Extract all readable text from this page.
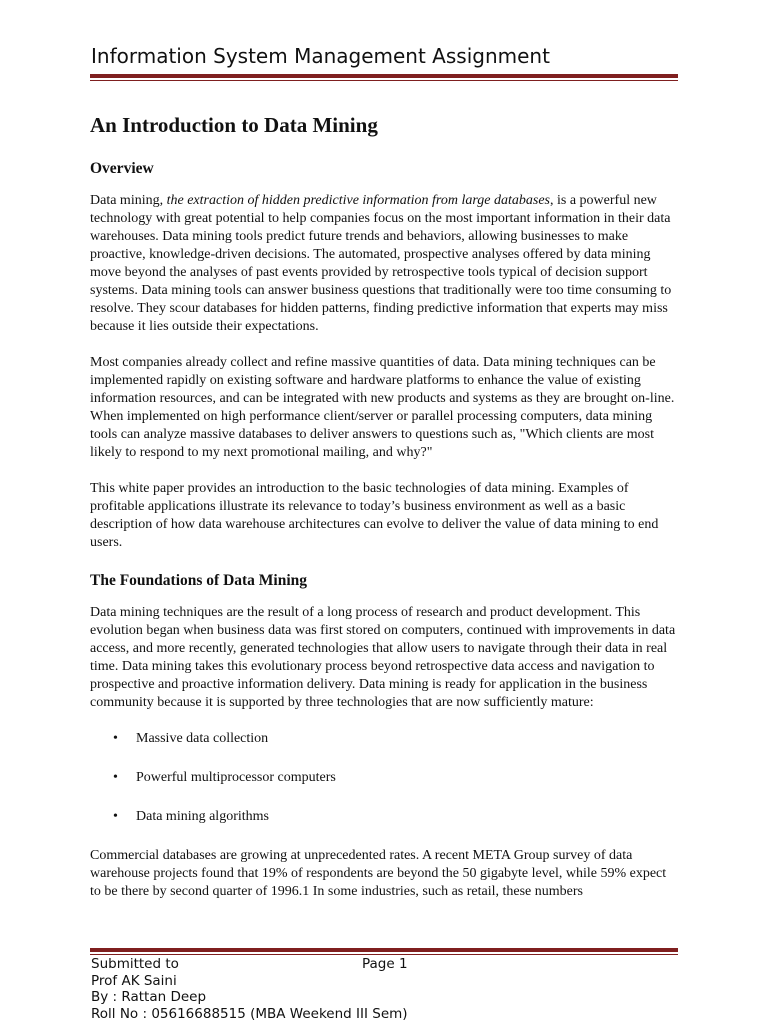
Information System Management Assignment
An Introduction to Data Mining
Overview

Data mining, the extraction of hidden predictive information from large databases, is a powerful new technology with great potential to help companies focus on the most important information in their data warehouses. Data mining tools predict future trends and behaviors, allowing businesses to make proactive, knowledge-driven decisions. The automated, prospective analyses offered by data mining move beyond the analyses of past events provided by retrospective tools typical of decision support systems. Data mining tools can answer business questions that traditionally were too time consuming to resolve. They scour databases for hidden patterns, finding predictive information that experts may miss because it lies outside their expectations.

Most companies already collect and refine massive quantities of data. Data mining techniques can be implemented rapidly on existing software and hardware platforms to enhance the value of existing information resources, and can be integrated with new products and systems as they are brought on-line. When implemented on high performance client/server or parallel processing computers, data mining tools can analyze massive databases to deliver answers to questions such as, "Which clients are most likely to respond to my next promotional mailing, and why?"

This white paper provides an introduction to the basic technologies of data mining. Examples of profitable applications illustrate its relevance to today’s business environment as well as a basic description of how data warehouse architectures can evolve to deliver the value of data mining to end users.

The Foundations of Data Mining

Data mining techniques are the result of a long process of research and product development. This evolution began when business data was first stored on computers, continued with improvements in data access, and more recently, generated technologies that allow users to navigate through their data in real time. Data mining takes this evolutionary process beyond retrospective data access and navigation to prospective and proactive information delivery. Data mining is ready for application in the business community because it is supported by three technologies that are now sufficiently mature:

• Massive data collection
• Powerful multiprocessor computers
• Data mining algorithms

Commercial databases are growing at unprecedented rates. A recent META Group survey of data warehouse projects found that 19% of respondents are beyond the 50 gigabyte level, while 59% expect to be there by second quarter of 1996.1 In some industries, such as retail, these numbers

Submitted to	Page 1
Prof AK Saini
By : Rattan Deep
Roll No : 05616688515 (MBA Weekend III Sem)
